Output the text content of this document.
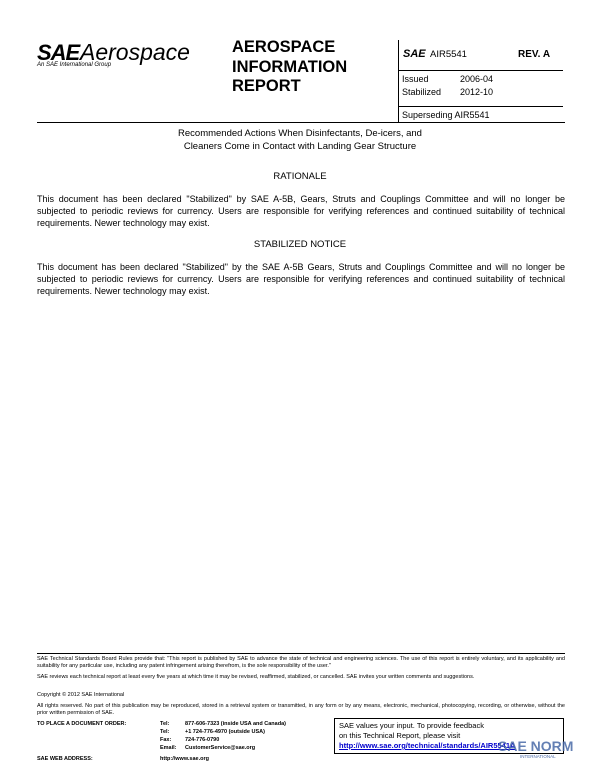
SAE Aerospace
An SAE International Group
AEROSPACE
INFORMATION
REPORT
SAE AIR5541	REV. A
Issued	2006-04
Stabilized 2012-10
Superseding AIR5541
Recommended Actions When Disinfectants, De-icers, and
Cleaners Come in Contact with Landing Gear Structure
RATIONALE
This document has been declared "Stabilized" by SAE A-5B, Gears, Struts and Couplings Committee and will no longer be subjected to periodic reviews for currency. Users are responsible for verifying references and continued suitability of technical requirements. Newer technology may exist.
STABILIZED NOTICE
This document has been declared "Stabilized" by the SAE A-5B Gears, Struts and Couplings Committee and will no longer be subjected to periodic reviews for currency. Users are responsible for verifying references and continued suitability of technical requirements. Newer technology may exist.
SAE Technical Standards Board Rules provide that: "This report is published by SAE to advance the state of technical and engineering sciences. The use of this report is entirely voluntary, and its applicability and suitability for any particular use, including any patent infringement arising therefrom, is the sole responsibility of the user."
SAE reviews each technical report at least every five years at which time it may be revised, reaffirmed, stabilized, or cancelled. SAE invites your written comments and suggestions.
Copyright © 2012 SAE International
All rights reserved. No part of this publication may be reproduced, stored in a retrieval system or transmitted, in any form or by any means, electronic, mechanical, photocopying, recording, or otherwise, without the prior written permission of SAE.
TO PLACE A DOCUMENT ORDER:	Tel:	877-606-7323 (inside USA and Canada)
Tel:	+1 724-776-4970 (outside USA)
Fax: 724-776-0790
Email: CustomerService@sae.org
SAE WEB ADDRESS:	http://www.sae.org
SAE values your input. To provide feedback
on this Technical Report, please visit
http://www.sae.org/technical/standards/AIR5541A
SAE NORM
INTERNATIONAL
